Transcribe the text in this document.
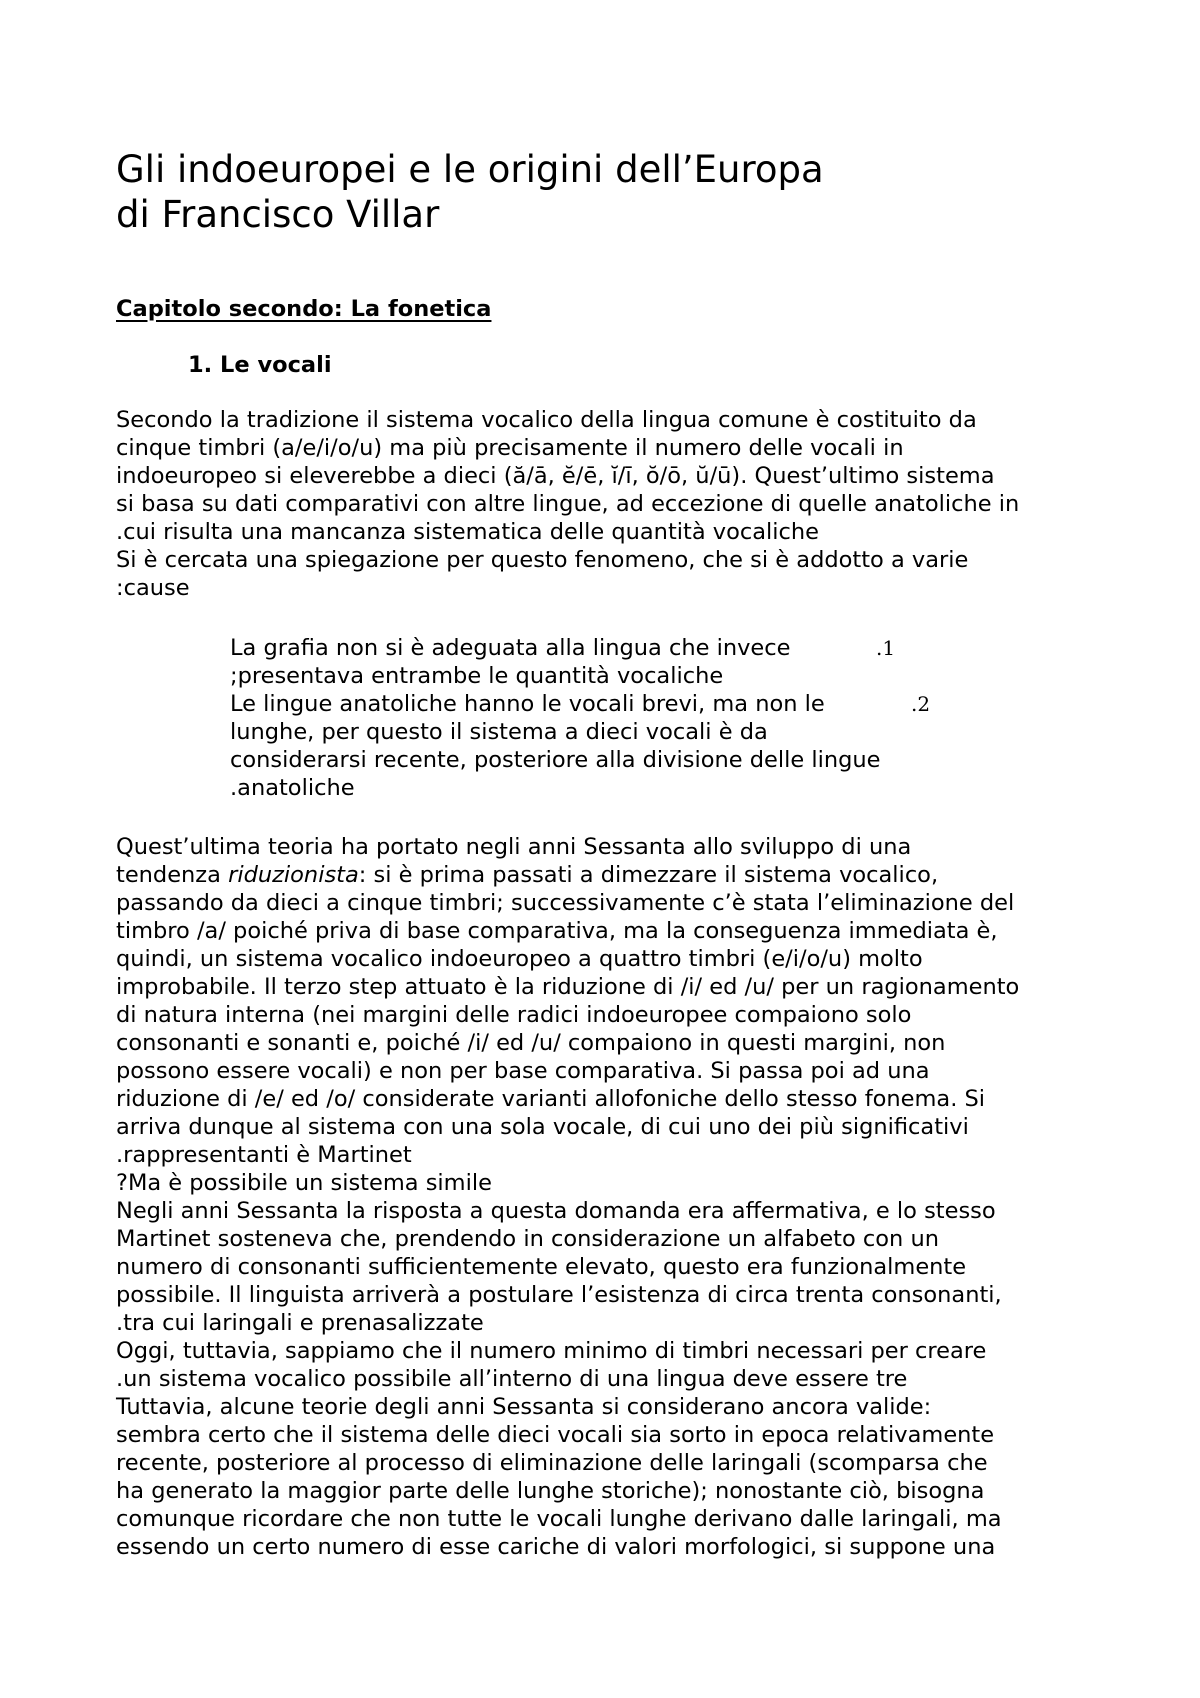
Gli indoeuropei e le origini dell’Europa
di Francisco Villar
Capitolo secondo: La fonetica
1. Le vocali
Secondo la tradizione il sistema vocalico della lingua comune è costituito da
cinque timbri (a/e/i/o/u) ma più precisamente il numero delle vocali in
indoeuropeo si eleverebbe a dieci (ă/ā, ĕ/ē, ĭ/ī, ŏ/ō, ŭ/ū). Quest’ultimo sistema
si basa su dati comparativi con altre lingue, ad eccezione di quelle anatoliche in
.cui risulta una mancanza sistematica delle quantità vocaliche
Si è cercata una spiegazione per questo fenomeno, che si è addotto a varie
:cause
La grafia non si è adeguata alla lingua che invece	.1
;presentava entrambe le quantità vocaliche
Le lingue anatoliche hanno le vocali brevi, ma non le	.2
lunghe, per questo il sistema a dieci vocali è da
considerarsi recente, posteriore alla divisione delle lingue
.anatoliche
Quest’ultima teoria ha portato negli anni Sessanta allo sviluppo di una
tendenza riduzionista: si è prima passati a dimezzare il sistema vocalico,
passando da dieci a cinque timbri; successivamente c’è stata l’eliminazione del
timbro /a/ poiché priva di base comparativa, ma la conseguenza immediata è,
quindi, un sistema vocalico indoeuropeo a quattro timbri (e/i/o/u) molto
improbabile. Il terzo step attuato è la riduzione di /i/ ed /u/ per un ragionamento
di natura interna (nei margini delle radici indoeuropee compaiono solo
consonanti e sonanti e, poiché /i/ ed /u/ compaiono in questi margini, non
possono essere vocali) e non per base comparativa. Si passa poi ad una
riduzione di /e/ ed /o/ considerate varianti allofoniche dello stesso fonema. Si
arriva dunque al sistema con una sola vocale, di cui uno dei più significativi
.rappresentanti è Martinet
?Ma è possibile un sistema simile
Negli anni Sessanta la risposta a questa domanda era affermativa, e lo stesso
Martinet sosteneva che, prendendo in considerazione un alfabeto con un
numero di consonanti sufficientemente elevato, questo era funzionalmente
possibile. Il linguista arriverà a postulare l’esistenza di circa trenta consonanti,
.tra cui laringali e prenasalizzate
Oggi, tuttavia, sappiamo che il numero minimo di timbri necessari per creare
.un sistema vocalico possibile all’interno di una lingua deve essere tre
Tuttavia, alcune teorie degli anni Sessanta si considerano ancora valide:
sembra certo che il sistema delle dieci vocali sia sorto in epoca relativamente
recente, posteriore al processo di eliminazione delle laringali (scomparsa che
ha generato la maggior parte delle lunghe storiche); nonostante ciò, bisogna
comunque ricordare che non tutte le vocali lunghe derivano dalle laringali, ma
essendo un certo numero di esse cariche di valori morfologici, si suppone una
